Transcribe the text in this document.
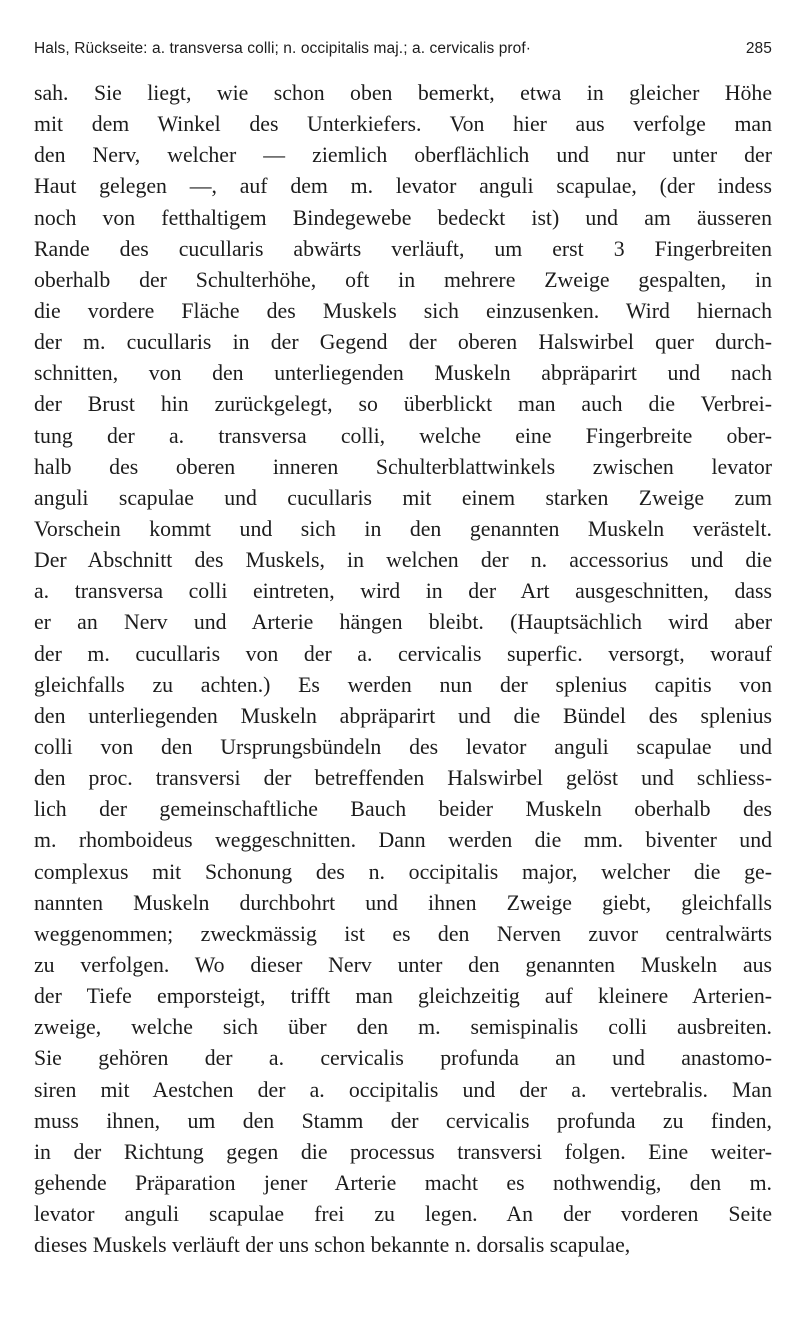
Hals, Rückseite: a. transversa colli; n. occipitalis maj.; a. cervicalis prof·	285
sah. Sie liegt, wie schon oben bemerkt, etwa in gleicher Höhe
mit dem Winkel des Unterkiefers. Von hier aus verfolge man
den Nerv, welcher — ziemlich oberflächlich und nur unter der
Haut gelegen —, auf dem m. levator anguli scapulae, (der indess
noch von fetthaltigem Bindegewebe bedeckt ist) und am äusseren
Rande des cucullaris abwärts verläuft, um erst 3 Fingerbreiten
oberhalb der Schulterhöhe, oft in mehrere Zweige gespalten, in
die vordere Fläche des Muskels sich einzusenken. Wird hiernach
der m. cucullaris in der Gegend der oberen Halswirbel quer durch-
schnitten, von den unterliegenden Muskeln abpräparirt und nach
der Brust hin zurückgelegt, so überblickt man auch die Verbrei-
tung der a. transversa colli, welche eine Fingerbreite ober-
halb des oberen inneren Schulterblattwinkels zwischen levator
anguli scapulae und cucullaris mit einem starken Zweige zum
Vorschein kommt und sich in den genannten Muskeln verästelt.
Der Abschnitt des Muskels, in welchen der n. accessorius und die
a. transversa colli eintreten, wird in der Art ausgeschnitten, dass
er an Nerv und Arterie hängen bleibt. (Hauptsächlich wird aber
der m. cucullaris von der a. cervicalis superfic. versorgt, worauf
gleichfalls zu achten.) Es werden nun der splenius capitis von
den unterliegenden Muskeln abpräparirt und die Bündel des splenius
colli von den Ursprungsbündeln des levator anguli scapulae und
den proc. transversi der betreffenden Halswirbel gelöst und schliess-
lich der gemeinschaftliche Bauch beider Muskeln oberhalb des
m. rhomboideus weggeschnitten. Dann werden die mm. biventer und
complexus mit Schonung des n. occipitalis major, welcher die ge-
nannten Muskeln durchbohrt und ihnen Zweige giebt, gleichfalls
weggenommen; zweckmässig ist es den Nerven zuvor centralwärts
zu verfolgen. Wo dieser Nerv unter den genannten Muskeln aus
der Tiefe emporsteigt, trifft man gleichzeitig auf kleinere Arterien-
zweige, welche sich über den m. semispinalis colli ausbreiten.
Sie gehören der a. cervicalis profunda an und anastomo-
siren mit Aestchen der a. occipitalis und der a. vertebralis. Man
muss ihnen, um den Stamm der cervicalis profunda zu finden,
in der Richtung gegen die processus transversi folgen. Eine weiter-
gehende Präparation jener Arterie macht es nothwendig, den m.
levator anguli scapulae frei zu legen. An der vorderen Seite
dieses Muskels verläuft der uns schon bekannte n. dorsalis scapulae,
